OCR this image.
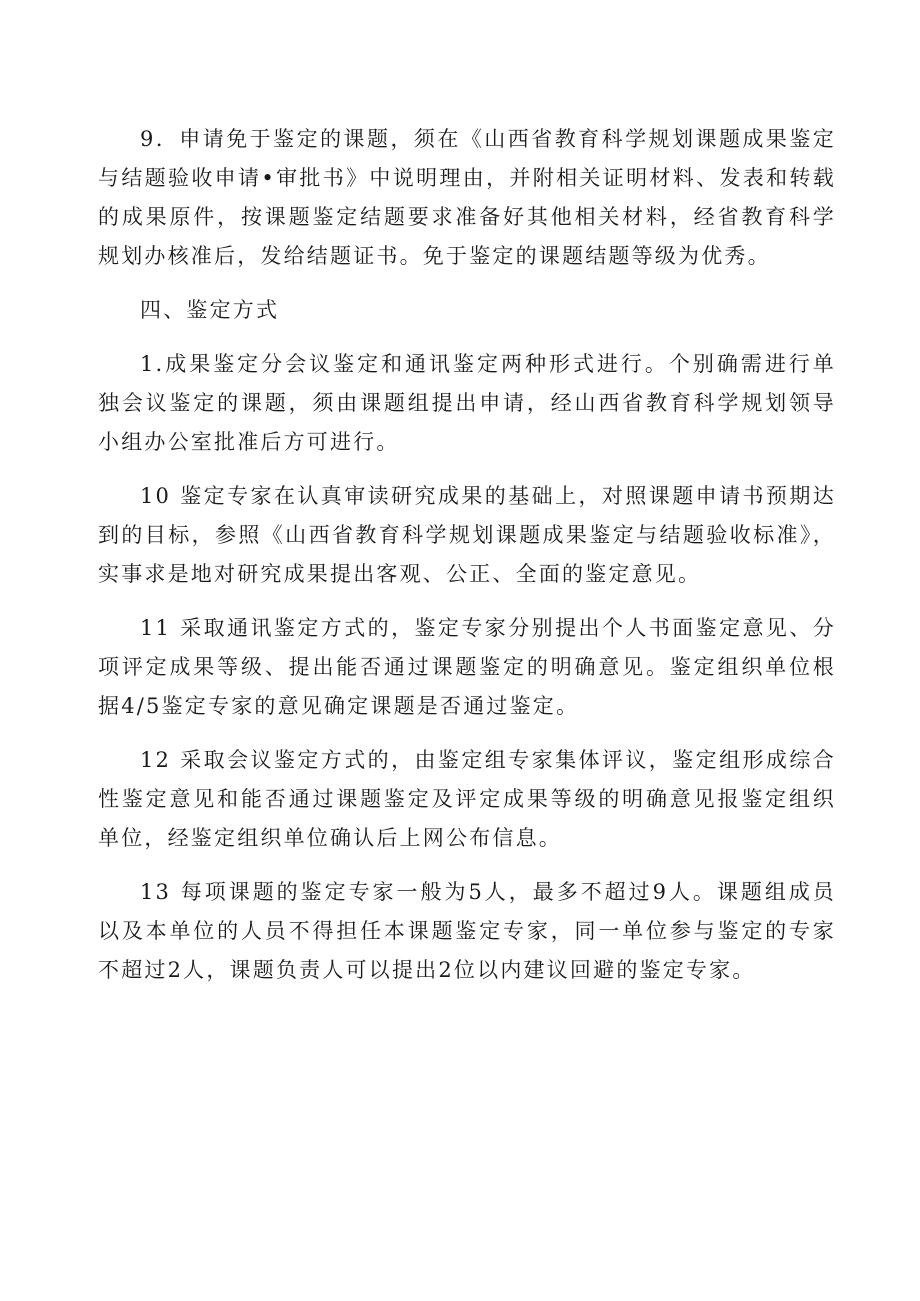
9．申请免于鉴定的课题，须在《山西省教育科学规划课题成果鉴定与结题验收申请•审批书》中说明理由，并附相关证明材料、发表和转载的成果原件，按课题鉴定结题要求准备好其他相关材料，经省教育科学规划办核准后，发给结题证书。免于鉴定的课题结题等级为优秀。

四、鉴定方式

1.成果鉴定分会议鉴定和通讯鉴定两种形式进行。个别确需进行单独会议鉴定的课题，须由课题组提出申请，经山西省教育科学规划领导小组办公室批准后方可进行。

10 鉴定专家在认真审读研究成果的基础上，对照课题申请书预期达到的目标，参照《山西省教育科学规划课题成果鉴定与结题验收标准》，实事求是地对研究成果提出客观、公正、全面的鉴定意见。

11 采取通讯鉴定方式的，鉴定专家分别提出个人书面鉴定意见、分项评定成果等级、提出能否通过课题鉴定的明确意见。鉴定组织单位根据4/5鉴定专家的意见确定课题是否通过鉴定。

12 采取会议鉴定方式的，由鉴定组专家集体评议，鉴定组形成综合性鉴定意见和能否通过课题鉴定及评定成果等级的明确意见报鉴定组织单位，经鉴定组织单位确认后上网公布信息。

13 每项课题的鉴定专家一般为5人，最多不超过9人。课题组成员以及本单位的人员不得担任本课题鉴定专家，同一单位参与鉴定的专家不超过2人，课题负责人可以提出2位以内建议回避的鉴定专家。
